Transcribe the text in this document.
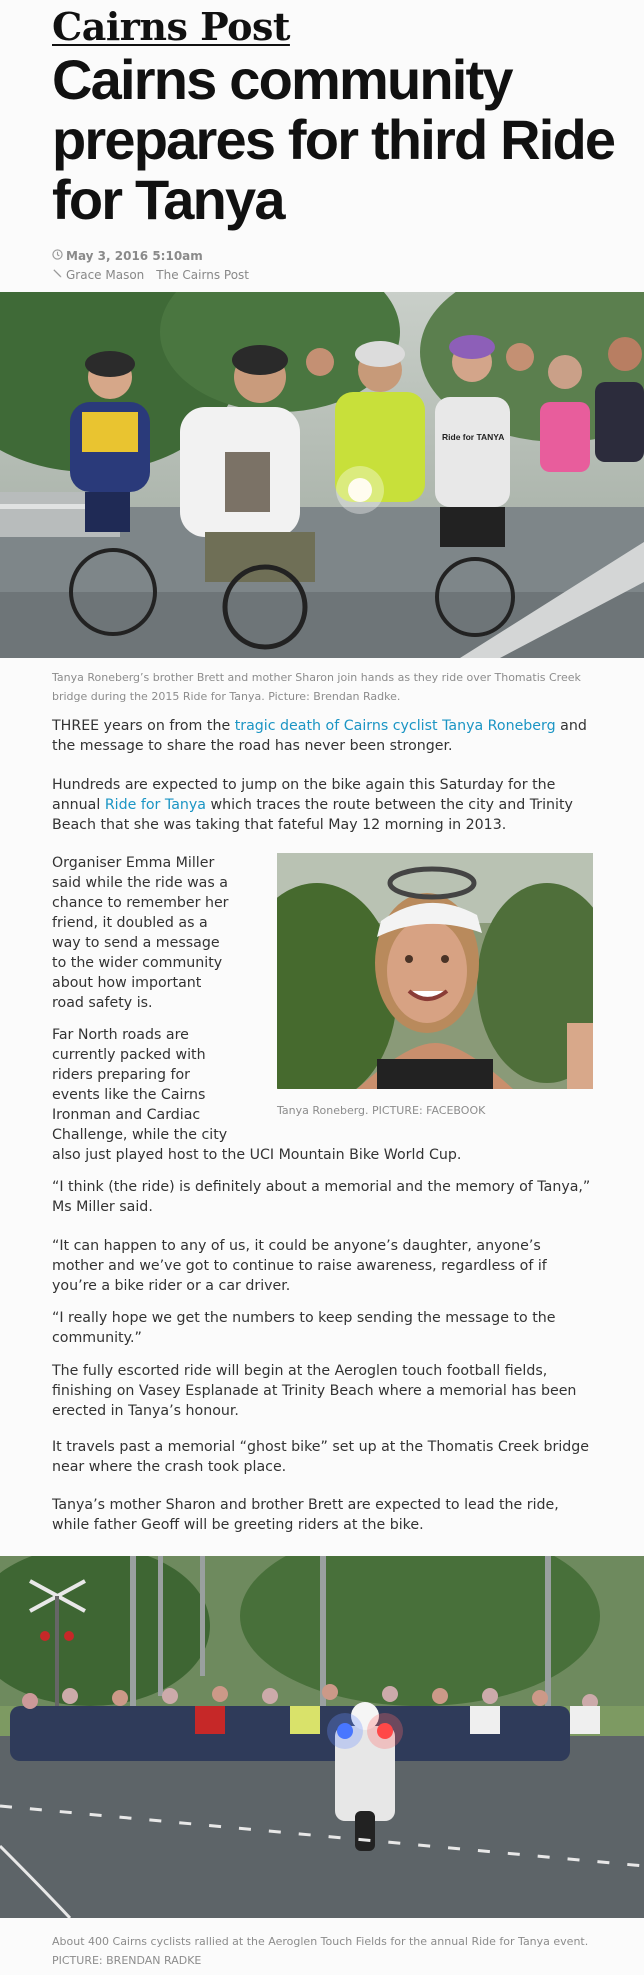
Cairns Post
Cairns community prepares for third Ride for Tanya
May 3, 2016 5:10am
Grace Mason The Cairns Post
Ride for TANYA
Tanya Roneberg’s brother Brett and mother Sharon join hands as they ride over Thomatis Creek
bridge during the 2015 Ride for Tanya. Picture: Brendan Radke.
THREE years on from the tragic death of Cairns cyclist Tanya Roneberg and the message to share the road has never been stronger.
Hundreds are expected to jump on the bike again this Saturday for the annual Ride for Tanya which traces the route between the city and Trinity Beach that she was taking that fateful May 12 morning in 2013.
Organiser Emma Miller
said while the ride was a
chance to remember her
friend, it doubled as a
way to send a message
to the wider community
about how important
road safety is.
Far North roads are
currently packed with
riders preparing for
events like the Cairns
Ironman and Cardiac
Challenge, while the city
also just played host to the UCI Mountain Bike World Cup.
Tanya Roneberg. PICTURE: FACEBOOK
“I think (the ride) is definitely about a memorial and the memory of Tanya,” Ms Miller said.
“It can happen to any of us, it could be anyone’s daughter, anyone’s mother and we’ve got to continue to raise awareness, regardless of if you’re a bike rider or a car driver.
“I really hope we get the numbers to keep sending the message to the community.”
The fully escorted ride will begin at the Aeroglen touch football fields, finishing on Vasey Esplanade at Trinity Beach where a memorial has been erected in Tanya’s honour.
It travels past a memorial “ghost bike” set up at the Thomatis Creek bridge near where the crash took place.
Tanya’s mother Sharon and brother Brett are expected to lead the ride, while father Geoff will be greeting riders at the bike.
About 400 Cairns cyclists rallied at the Aeroglen Touch Fields for the annual Ride for Tanya event.
PICTURE: BRENDAN RADKE
